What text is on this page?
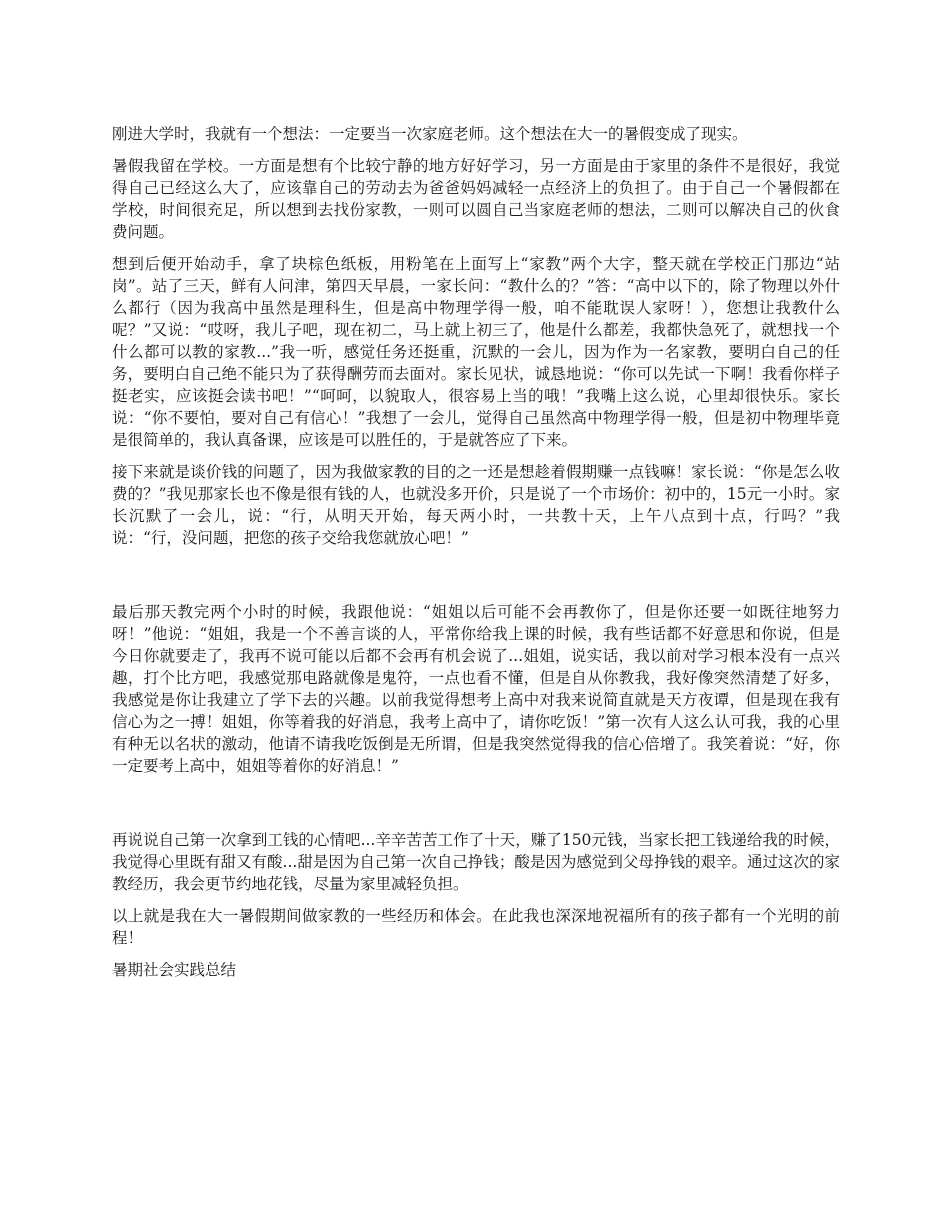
刚进大学时，我就有一个想法：一定要当一次家庭老师。这个想法在大一的暑假变成了现实。

暑假我留在学校。一方面是想有个比较宁静的地方好好学习，另一方面是由于家里的条件不是很好，我觉得自己已经这么大了，应该靠自己的劳动去为爸爸妈妈减轻一点经济上的负担了。由于自己一个暑假都在学校，时间很充足，所以想到去找份家教，一则可以圆自己当家庭老师的想法，二则可以解决自己的伙食费问题。

想到后便开始动手，拿了块棕色纸板，用粉笔在上面写上“家教”两个大字，整天就在学校正门那边“站岗”。站了三天，鲜有人问津，第四天早晨，一家长问：“教什么的？”答：“高中以下的，除了物理以外什么都行（因为我高中虽然是理科生，但是高中物理学得一般，咱不能耽误人家呀！），您想让我教什么呢？”又说：“哎呀，我儿子吧，现在初二，马上就上初三了，他是什么都差，我都快急死了，就想找一个什么都可以教的家教...”我一听，感觉任务还挺重，沉默的一会儿，因为作为一名家教，要明白自己的任务，要明白自己绝不能只为了获得酬劳而去面对。家长见状，诚恳地说：“你可以先试一下啊！我看你样子挺老实，应该挺会读书吧！”“呵呵，以貌取人，很容易上当的哦！”我嘴上这么说，心里却很快乐。家长说：“你不要怕，要对自己有信心！”我想了一会儿，觉得自己虽然高中物理学得一般，但是初中物理毕竟是很简单的，我认真备课，应该是可以胜任的，于是就答应了下来。

接下来就是谈价钱的问题了，因为我做家教的目的之一还是想趁着假期赚一点钱嘛！家长说：“你是怎么收费的？”我见那家长也不像是很有钱的人，也就没多开价，只是说了一个市场价：初中的，15元一小时。家长沉默了一会儿，说：“行，从明天开始，每天两小时，一共教十天，上午八点到十点，行吗？”我说：“行，没问题，把您的孩子交给我您就放心吧！”

最后那天教完两个小时的时候，我跟他说：“姐姐以后可能不会再教你了，但是你还要一如既往地努力呀！”他说：“姐姐，我是一个不善言谈的人，平常你给我上课的时候，我有些话都不好意思和你说，但是今日你就要走了，我再不说可能以后都不会再有机会说了...姐姐，说实话，我以前对学习根本没有一点兴趣，打个比方吧，我感觉那电路就像是鬼符，一点也看不懂，但是自从你教我，我好像突然清楚了好多，我感觉是你让我建立了学下去的兴趣。以前我觉得想考上高中对我来说简直就是天方夜谭，但是现在我有信心为之一搏！姐姐，你等着我的好消息，我考上高中了，请你吃饭！”第一次有人这么认可我，我的心里有种无以名状的激动，他请不请我吃饭倒是无所谓，但是我突然觉得我的信心倍增了。我笑着说：“好，你一定要考上高中，姐姐等着你的好消息！”

再说说自己第一次拿到工钱的心情吧...辛辛苦苦工作了十天，赚了150元钱，当家长把工钱递给我的时候，我觉得心里既有甜又有酸...甜是因为自己第一次自己挣钱；酸是因为感觉到父母挣钱的艰辛。通过这次的家教经历，我会更节约地花钱，尽量为家里减轻负担。

以上就是我在大一暑假期间做家教的一些经历和体会。在此我也深深地祝福所有的孩子都有一个光明的前程！

暑期社会实践总结
